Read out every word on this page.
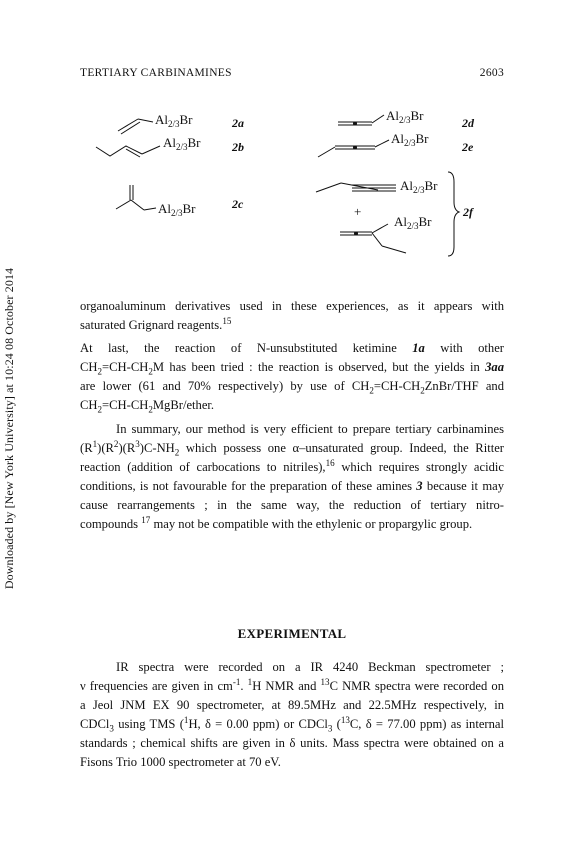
Downloaded by [New York University] at 10:24 08 October 2014
TERTIARY CARBINAMINES	2603
$Al_{2/3}Br$	2a
$Al_{2/3}Br$	2b
$Al_{2/3}Br$	2c
$Al_{2/3}Br$	2d
$Al_{2/3}Br$
2e
$Al_{2/3}Br$
+
$Al_{2/3}Br$
2f

organoaluminum derivatives used in these experiences, as it appears with

saturated Grignard reagents.$^{15}$

At last, the reaction of N-unsubstituted ketimine 1a with other

$CH_2=CH-CH_2M$ has been tried : the reaction is observed, but the yields in 3aa

are lower (61 and 70% respectively) by use of $CH_2=CH-CH_2ZnBr$/THF and

$CH_2=CH-CH_2MgBr$/ether.

In summary, our method is very efficient to prepare tertiary carbinamines

$(R^1)(R^2)(R^3)C-NH_2$ which possess one α–unsaturated group. Indeed, the Ritter

reaction (addition of carbocations to nitriles),$^{16}$ which requires strongly acidic

conditions, is not favourable for the preparation of these amines 3 because it may

cause rearrangements ; in the same way, the reduction of tertiary nitro-

compounds $^{17}$ may not be compatible with the ethylenic or propargylic group.

EXPERIMENTAL

IR spectra were recorded on a IR 4240 Beckman spectrometer ;

ν frequencies are given in $cm^{-1}$. $^1$H NMR and $^{13}$C NMR spectra were recorded on

a Jeol JNM EX 90 spectrometer, at 89.5MHz and 22.5MHz respectively, in

CDCl$_3$ using TMS ($^1$H, δ = 0.00 ppm) or CDCl$_3$ ($^{13}$C, δ = 77.00 ppm) as internal

standards ; chemical shifts are given in δ units. Mass spectra were obtained on a

Fisons Trio 1000 spectrometer at 70 eV.
